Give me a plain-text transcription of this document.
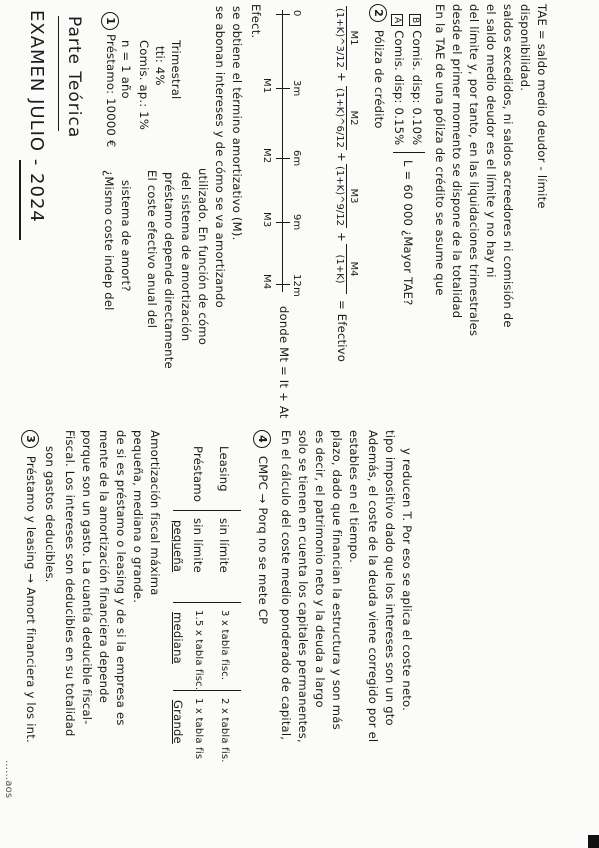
EXAMEN JULIO - 2024 Parte Teórica 1
Préstamo: 10000 € n = 1 año Comis. ap.: 1% tti: 4% Trimestral
¿Mismo coste indep del sistema de amort? El coste efectivo anual del préstamo depende directamente del sistema de amortización utilizado. En función de cómo se abonan intereses y de cómo se va amortizando se obtiene el término amortizativo (M). Efect.
M1
M2
M3
M4
0
3m
6m
9m
12m
donde Mt = It + At
M1
(1+K)^3/12
+
M2
(1+K)^6/12
+
M3
(1+K)^9/12
+
M4
(1+K)
= Efectivo
2 Póliza de crédito
A Comis. disp: 0.15%
B Comis. disp: 0.10%
L = 60 000 ¿Mayor TAE? En la TAE de una póliza de crédito se asume que desde el primer momento se dispone de la totalidad del límite y, por tanto, en las liquidaciones trimestrales el saldo medio deudor es el límite y no hay ni saldos excedidos, ni saldos acreedores ni comisión de disponibilidad. TAE = saldo medio deudor - límite
......aos
3 Préstamo y leasing → Amort financiera y los int. son gastos deducibles. Fiscal. Los intereses son deducibles en su totalidad porque son un gasto. La cuantía deducible fiscal- mente de la amortización financiera depende de si es préstamo o leasing y de si la empresa es pequeña, mediana o grande. Amortización fiscal máxima pequeña
mediana
Grande
Préstamo
sin límite
1.5 x tabla fisc.
1 x tabla fis
Leasing
sin límite
3 x tabla fisc.
2 x tabla fis.
4 CMPC → Porq no se mete CP En el cálculo del coste medio ponderado de capital, solo se tienen en cuenta los capitales permanentes, es decir, el patrimonio neto y la deuda a largo plazo, dado que financian la estructura y son más estables en el tiempo. Además, el coste de la deuda viene corregido por el tipo impositivo dado que los intereses son un gto y reducen T. Por eso se aplica el coste neto.
